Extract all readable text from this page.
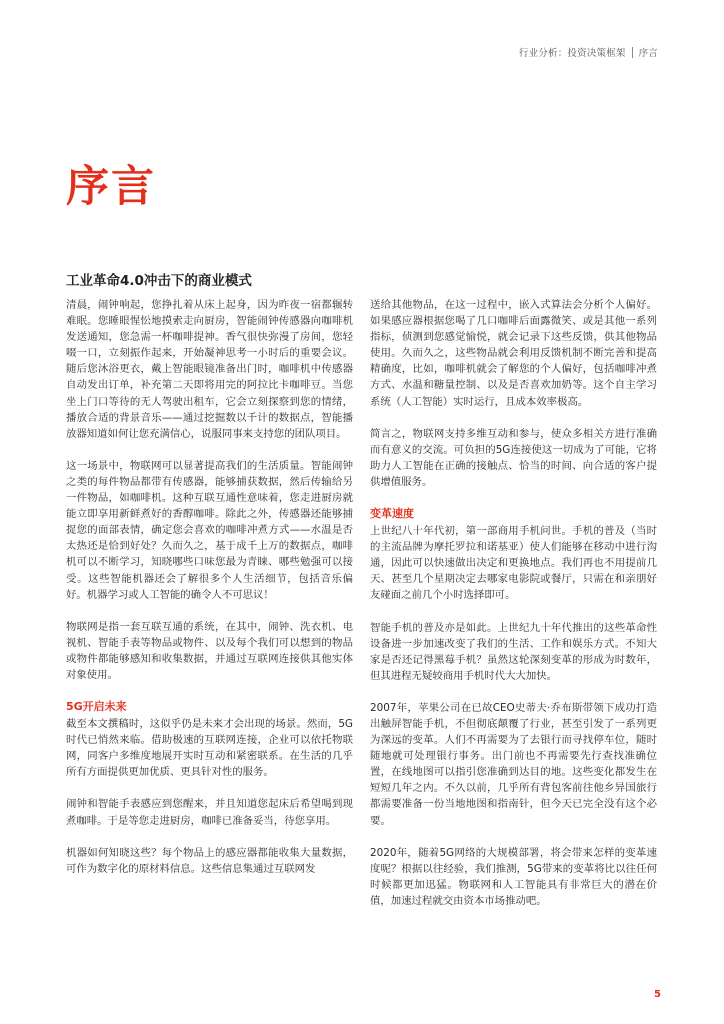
行业分析：投资决策框架 序言
序言
工业革命4.0冲击下的商业模式

清晨，闹钟响起，您挣扎着从床上起身，因为昨夜一宿都辗转难眠。您睡眼惺忪地摸索走向厨房，智能闹钟传感器向咖啡机发送通知，您急需一杯咖啡提神。香气很快弥漫了房间，您轻啜一口，立刻振作起来，开始凝神思考一小时后的重要会议。随后您沐浴更衣，戴上智能眼镜准备出门时，咖啡机中传感器自动发出订单，补充第二天即将用完的阿拉比卡咖啡豆。当您坐上门口等待的无人驾驶出租车，它会立刻探察到您的情绪，播放合适的背景音乐——通过挖掘数以千计的数据点，智能播放器知道如何让您充满信心，说服同事来支持您的团队项目。

这一场景中，物联网可以显著提高我们的生活质量。智能闹钟之类的每件物品都带有传感器，能够捕获数据，然后传输给另一件物品，如咖啡机。这种互联互通性意味着，您走进厨房就能立即享用新鲜煮好的香醇咖啡。除此之外，传感器还能够捕捉您的面部表情，确定您会喜欢的咖啡冲煮方式——水温是否太热还是恰到好处？久而久之，基于成千上万的数据点，咖啡机可以不断学习，知晓哪些口味您最为青睐、哪些勉强可以接受。这些智能机器还会了解很多个人生活细节，包括音乐偏好。机器学习或人工智能的确令人不可思议！

物联网是指一套互联互通的系统，在其中，闹钟、洗衣机、电视机、智能手表等物品或物件、以及每个我们可以想到的物品或物件都能够感知和收集数据，并通过互联网连接供其他实体对象使用。

5G开启未来

截至本文撰稿时，这似乎仍是未来才会出现的场景。然而，5G时代已悄然来临。借助极速的互联网连接，企业可以依托物联网，同客户多维度地展开实时互动和紧密联系。在生活的几乎所有方面提供更加优质、更具针对性的服务。

闹钟和智能手表感应到您醒来，并且知道您起床后希望喝到现煮咖啡。于是等您走进厨房，咖啡已准备妥当，待您享用。

机器如何知晓这些？每个物品上的感应器都能收集大量数据，可作为数字化的原材料信息。这些信息集通过互联网发

送给其他物品，在这一过程中，嵌入式算法会分析个人偏好。如果感应器根据您喝了几口咖啡后面露微笑、或是其他一系列指标，侦测到您感觉愉悦，就会记录下这些反馈，供其他物品使用。久而久之，这些物品就会利用反馈机制不断完善和提高精确度，比如，咖啡机就会了解您的个人偏好，包括咖啡冲煮方式、水温和糖量控制、以及是否喜欢加奶等。这个自主学习系统（人工智能）实时运行，且成本效率极高。

简言之，物联网支持多维互动和参与，使众多相关方进行准确而有意义的交流。可负担的5G连接使这一切成为了可能，它将助力人工智能在正确的接触点、恰当的时间、向合适的客户提供增值服务。

变革速度

上世纪八十年代初，第一部商用手机问世。手机的普及（当时的主流品牌为摩托罗拉和诺基亚）使人们能够在移动中进行沟通，因此可以快速做出决定和更换地点。我们再也不用提前几天、甚至几个星期决定去哪家电影院或餐厅，只需在和亲朋好友碰面之前几个小时选择即可。

智能手机的普及亦是如此。上世纪九十年代推出的这些革命性设备进一步加速改变了我们的生活、工作和娱乐方式。不知大家是否还记得黑莓手机？虽然这轮深刻变革的形成为时数年，但其进程无疑较商用手机时代大大加快。

2007年，苹果公司在已故CEO史蒂夫·乔布斯带领下成功打造出触屏智能手机，不但彻底颠覆了行业，甚至引发了一系列更为深远的变革。人们不再需要为了去银行而寻找停车位，随时随地就可处理银行事务。出门前也不再需要先行查找准确位置，在线地图可以指引您准确到达目的地。这些变化都发生在短短几年之内。不久以前，几乎所有背包客前往他乡异国旅行都需要准备一份当地地图和指南针，但今天已完全没有这个必要。

2020年，随着5G网络的大规模部署，将会带来怎样的变革速度呢？根据以往经验，我们推测，5G带来的变革将比以往任何时候都更加迅猛。物联网和人工智能具有非常巨大的潜在价值，加速过程就交由资本市场推动吧。

5
